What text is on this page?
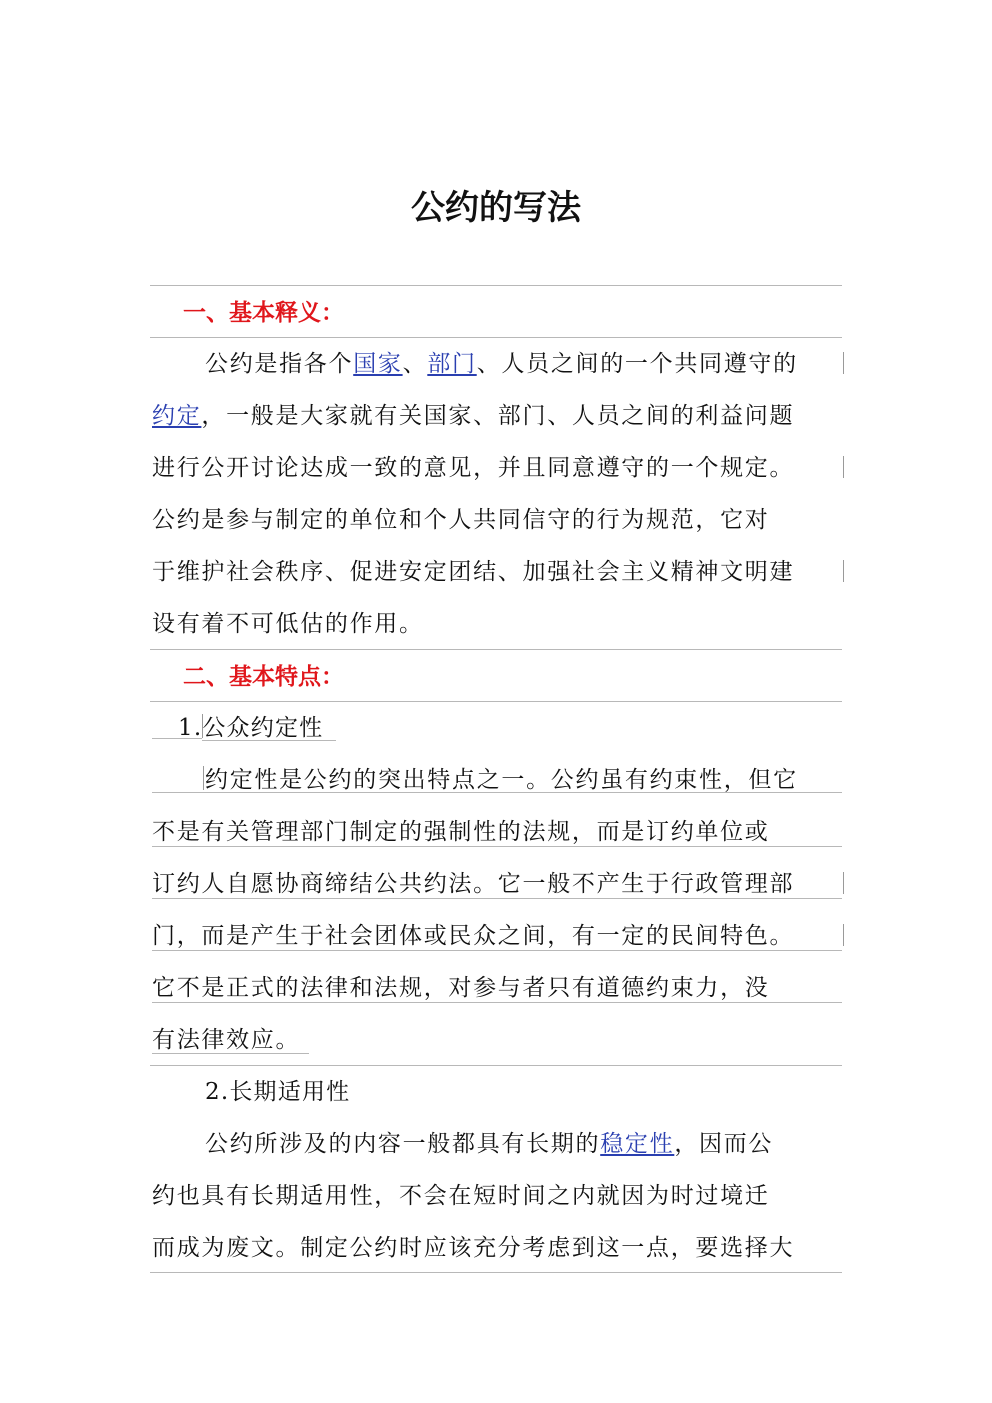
公约的写法
一、基本释义：
公约是指各个国家、部门、人员之间的一个共同遵守的
约定，一般是大家就有关国家、部门、人员之间的利益问题
进行公开讨论达成一致的意见，并且同意遵守的一个规定。
公约是参与制定的单位和个人共同信守的行为规范，它对
于维护社会秩序、促进安定团结、加强社会主义精神文明建
设有着不可低估的作用。
二、基本特点：
1.公众约定性
约定性是公约的突出特点之一。公约虽有约束性，但它
不是有关管理部门制定的强制性的法规，而是订约单位或
订约人自愿协商缔结公共约法。它一般不产生于行政管理部
门，而是产生于社会团体或民众之间，有一定的民间特色。
它不是正式的法律和法规，对参与者只有道德约束力，没
有法律效应。
2.长期适用性
公约所涉及的内容一般都具有长期的稳定性，因而公
约也具有长期适用性，不会在短时间之内就因为时过境迁
而成为废文。制定公约时应该充分考虑到这一点，要选择大
